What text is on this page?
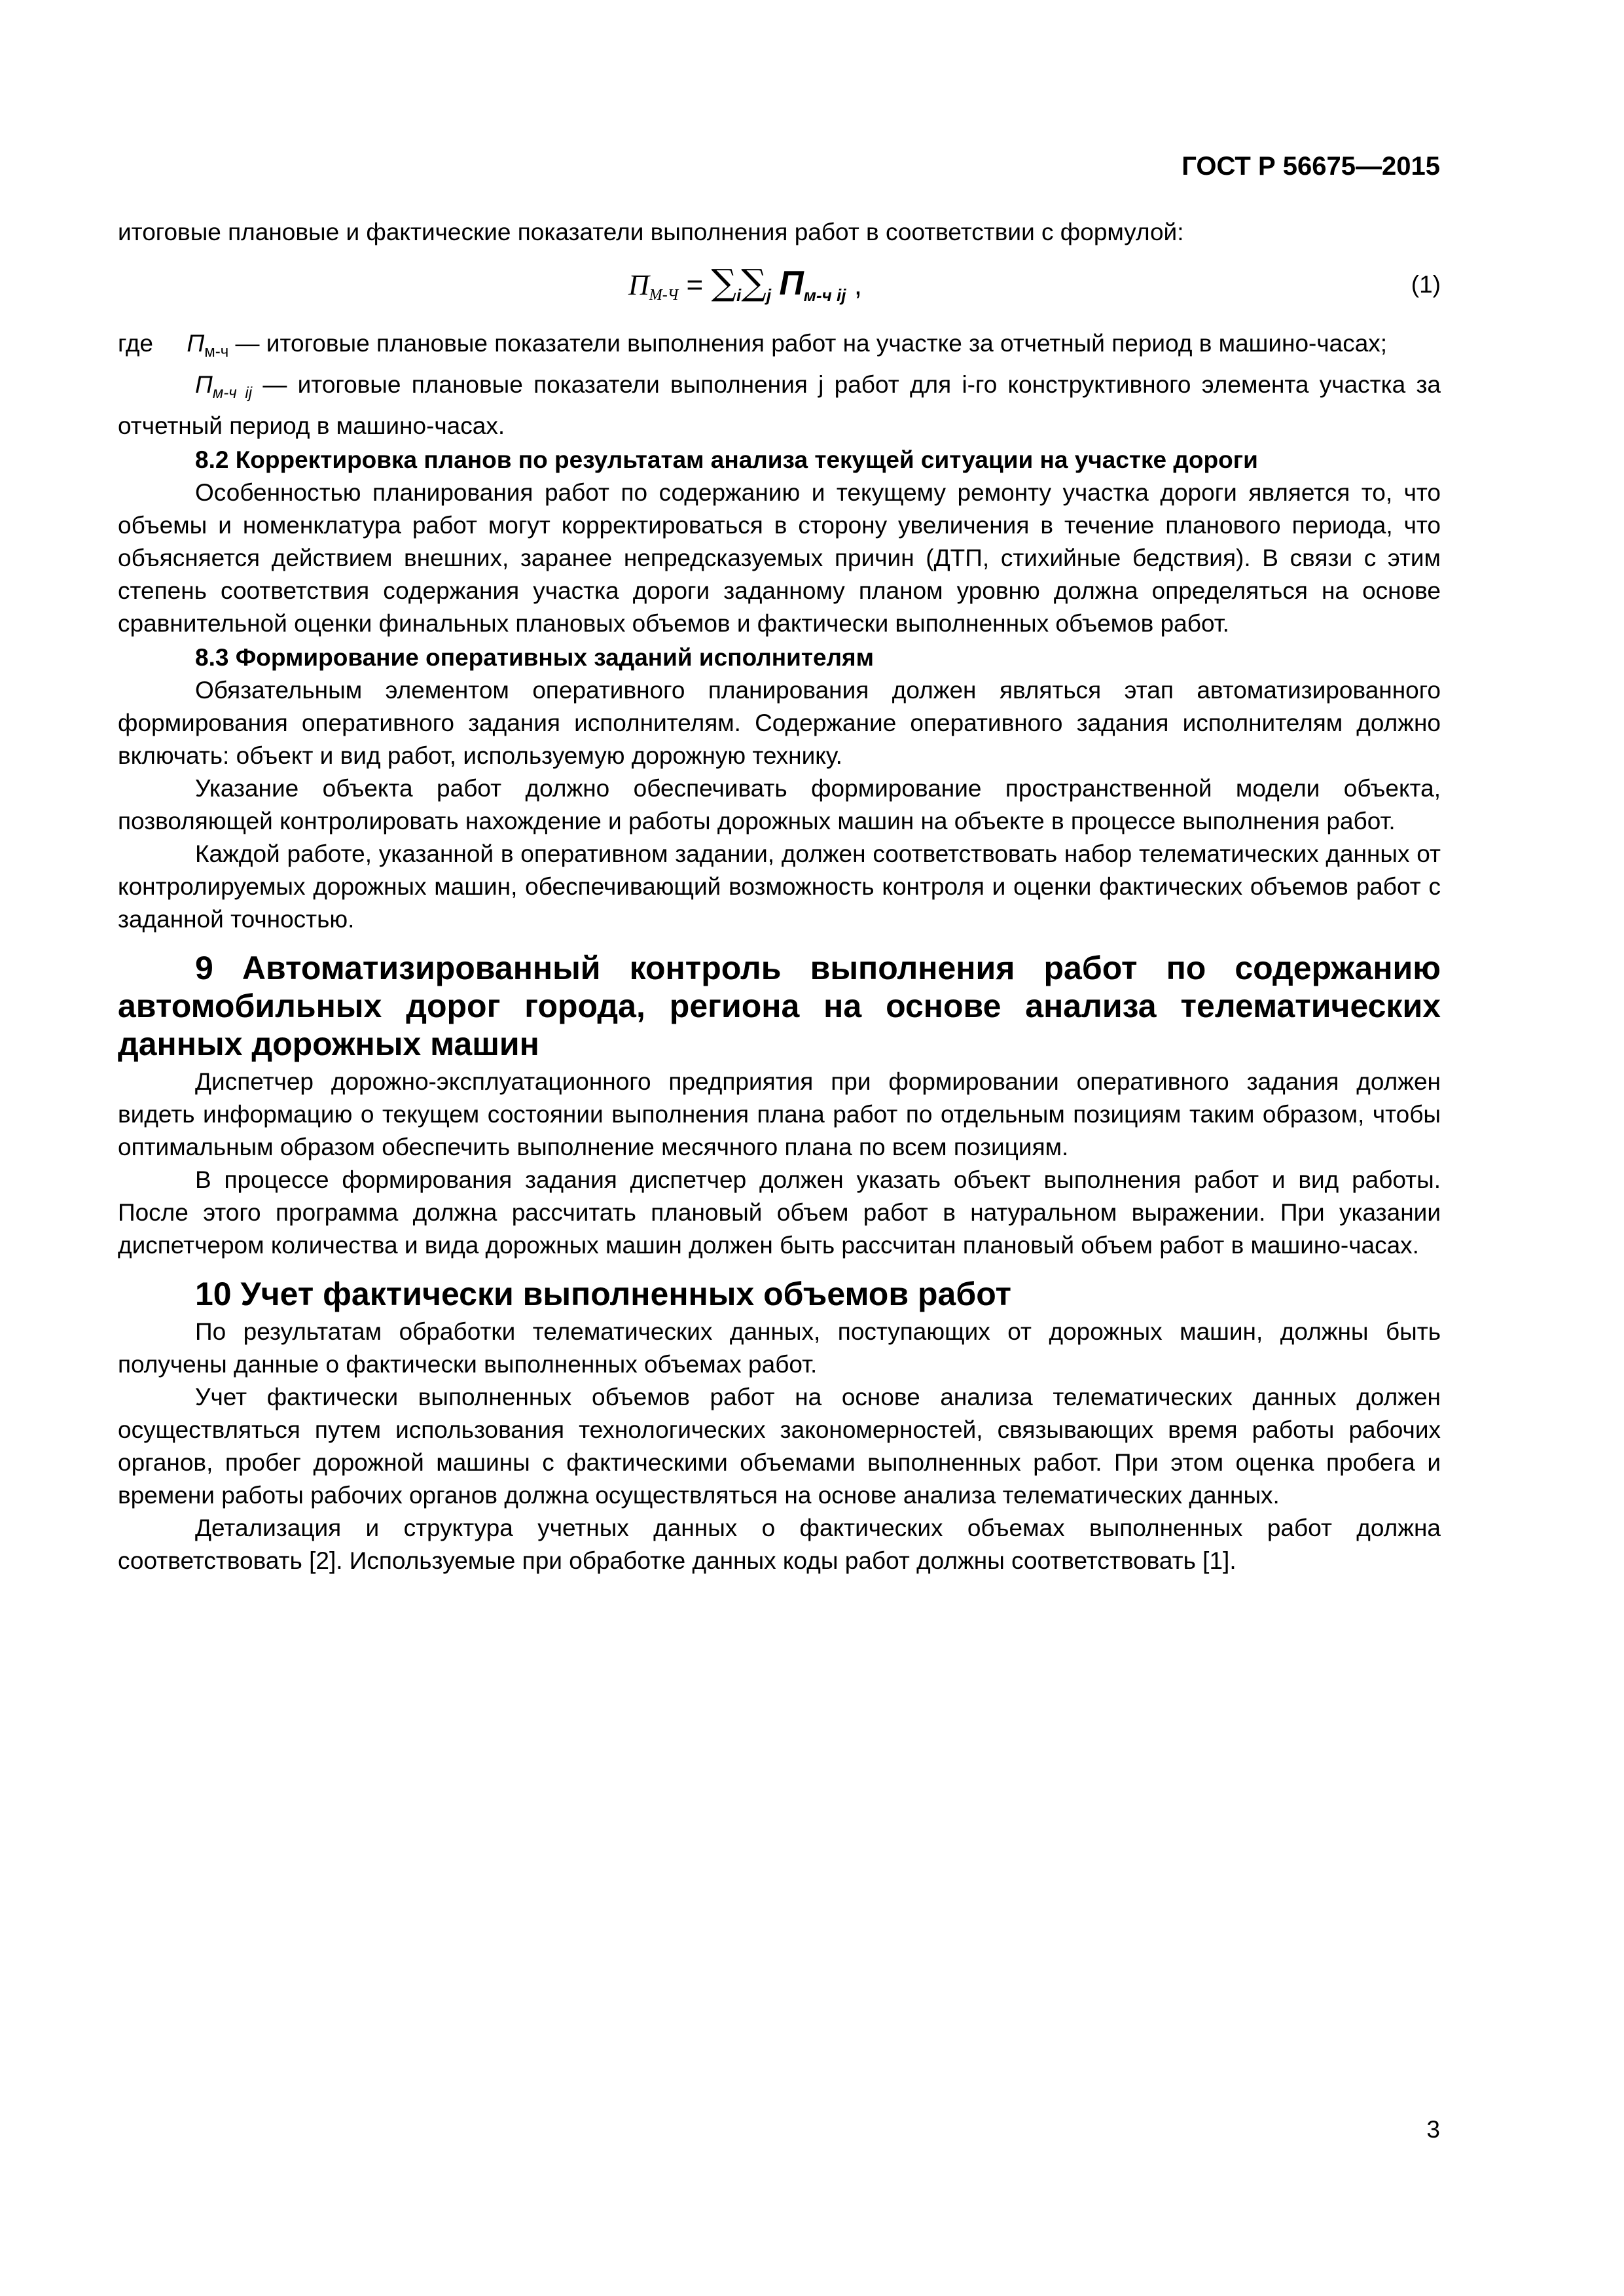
ГОСТ Р 56675—2015

итоговые плановые и фактические показатели выполнения работ в соответствии с формулой:

$ПМ-Ч = \sum_i\sum_j$ $П_{м-ч ij}$ ,	(1)

где $П_{м-ч}$ — итоговые плановые показатели выполнения работ на участке за отчетный период в машино-часах;

$П_{м-ч ij}$ — итоговые плановые показатели выполнения j работ для i-го конструктивного элемента участка за отчетный период в машино-часах.

8.2 Корректировка планов по результатам анализа текущей ситуации на участке дороги

Особенностью планирования работ по содержанию и текущему ремонту участка дороги является то, что объемы и номенклатура работ могут корректироваться в сторону увеличения в течение планового периода, что объясняется действием внешних, заранее непредсказуемых причин (ДТП, стихийные бедствия). В связи с этим степень соответствия содержания участка дороги заданному планом уровню должна определяться на основе сравнительной оценки финальных плановых объемов и фактически выполненных объемов работ.

8.3 Формирование оперативных заданий исполнителям

Обязательным элементом оперативного планирования должен являться этап автоматизированного формирования оперативного задания исполнителям. Содержание оперативного задания исполнителям должно включать: объект и вид работ, используемую дорожную технику.

Указание объекта работ должно обеспечивать формирование пространственной модели объекта, позволяющей контролировать нахождение и работы дорожных машин на объекте в процессе выполнения работ.

Каждой работе, указанной в оперативном задании, должен соответствовать набор телематических данных от контролируемых дорожных машин, обеспечивающий возможность контроля и оценки фактических объемов работ с заданной точностью.

9 Автоматизированный контроль выполнения работ по содержанию автомобильных дорог города, региона на основе анализа телематических данных дорожных машин

Диспетчер дорожно-эксплуатационного предприятия при формировании оперативного задания должен видеть информацию о текущем состоянии выполнения плана работ по отдельным позициям таким образом, чтобы оптимальным образом обеспечить выполнение месячного плана по всем позициям.

В процессе формирования задания диспетчер должен указать объект выполнения работ и вид работы. После этого программа должна рассчитать плановый объем работ в натуральном выражении. При указании диспетчером количества и вида дорожных машин должен быть рассчитан плановый объем работ в машино-часах.

10 Учет фактически выполненных объемов работ

По результатам обработки телематических данных, поступающих от дорожных машин, должны быть получены данные о фактически выполненных объемах работ.

Учет фактически выполненных объемов работ на основе анализа телематических данных должен осуществляться путем использования технологических закономерностей, связывающих время работы рабочих органов, пробег дорожной машины с фактическими объемами выполненных работ. При этом оценка пробега и времени работы рабочих органов должна осуществляться на основе анализа телематических данных.

Детализация и структура учетных данных о фактических объемах выполненных работ должна соответствовать [2]. Используемые при обработке данных коды работ должны соответствовать [1].

3
